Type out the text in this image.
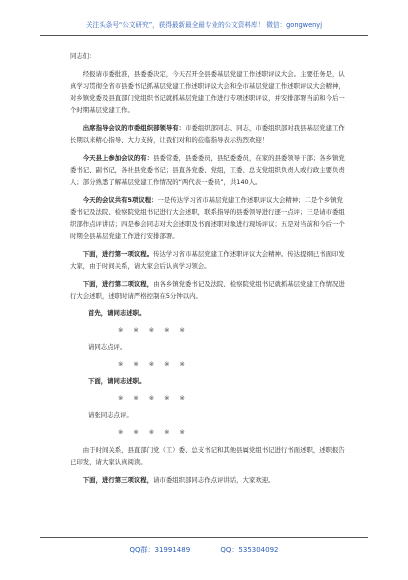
关注头条号“公文研究”，获得最新最全最专业的公文资料库！ 微信：gongwenyj

同志们：

经报请市委批准，县委委决定，今天召开全县委基层党建工作述职评议大会。主要任务是，认真学习贯彻全省市县委书记抓基层党建工作述职评议大会和全市基层党建工作述职评议大会精神，对乡镇党委及县直部门党组织书记就抓基层党建工作进行专项述职评议，并安排部署当前和今后一个时期基层党建工作。

出席指导会议的市委组织部领导有：市委组织部同志、同志，市委组织部对我县基层党建工作长期以来精心指导、大力支持，让我们对和的莅临指导表示热烈欢迎！

今天县上参加会议的有：县委常委，县委委员，县纪委委员，在家的县委领导干部；各乡镇党委书记、副书记，各社县党委书记；县直各党委、党组，工委、总支党组织负责人或行政主要负责人；部分熟悉了解基层党建工作情况的“两代表一委员”，共140人。

今天的会议共有5项议程：一是传达学习省市基层党建工作述职评议大会精神；二是个乡镇党委书记及法院、检察院党组书记进行大会述职，联系指导的县委领导进行逐一点评；三是请市委组织部作点评讲话；四是参会同志对大会述职及书面述职对象进行现场评议；五是对当前和今后一个时期全县基层党建工作进行安排部署。

下面，进行第一项议程。传达学习省市基层党建工作述职评议大会精神。传达提纲已书面印发大家，由于时间关系，请大家会后认真学习领会。

下面，进行第二项议程，由各乡镇党委书记及法院、检察院党组书记就抓基层党建工作情况进行大会述职，述职时请严格控制在5分钟以内。

首先，请同志述职。

※ ※ ※ ※ ※

请同志点评。

※ ※ ※ ※ ※

下面，请同志述职。

※ ※ ※ ※ ※

请张同志点评。

※ ※ ※ ※ ※

由于时间关系，县直部门党（工）委、总支书记和其他县属党组书记进行书面述职，述职报告已印发，请大家认真阅读。

下面，进行第三项议程，请市委组织部同志作点评讲话，大家欢迎。

QQ群：31991489	QQ：535304092
